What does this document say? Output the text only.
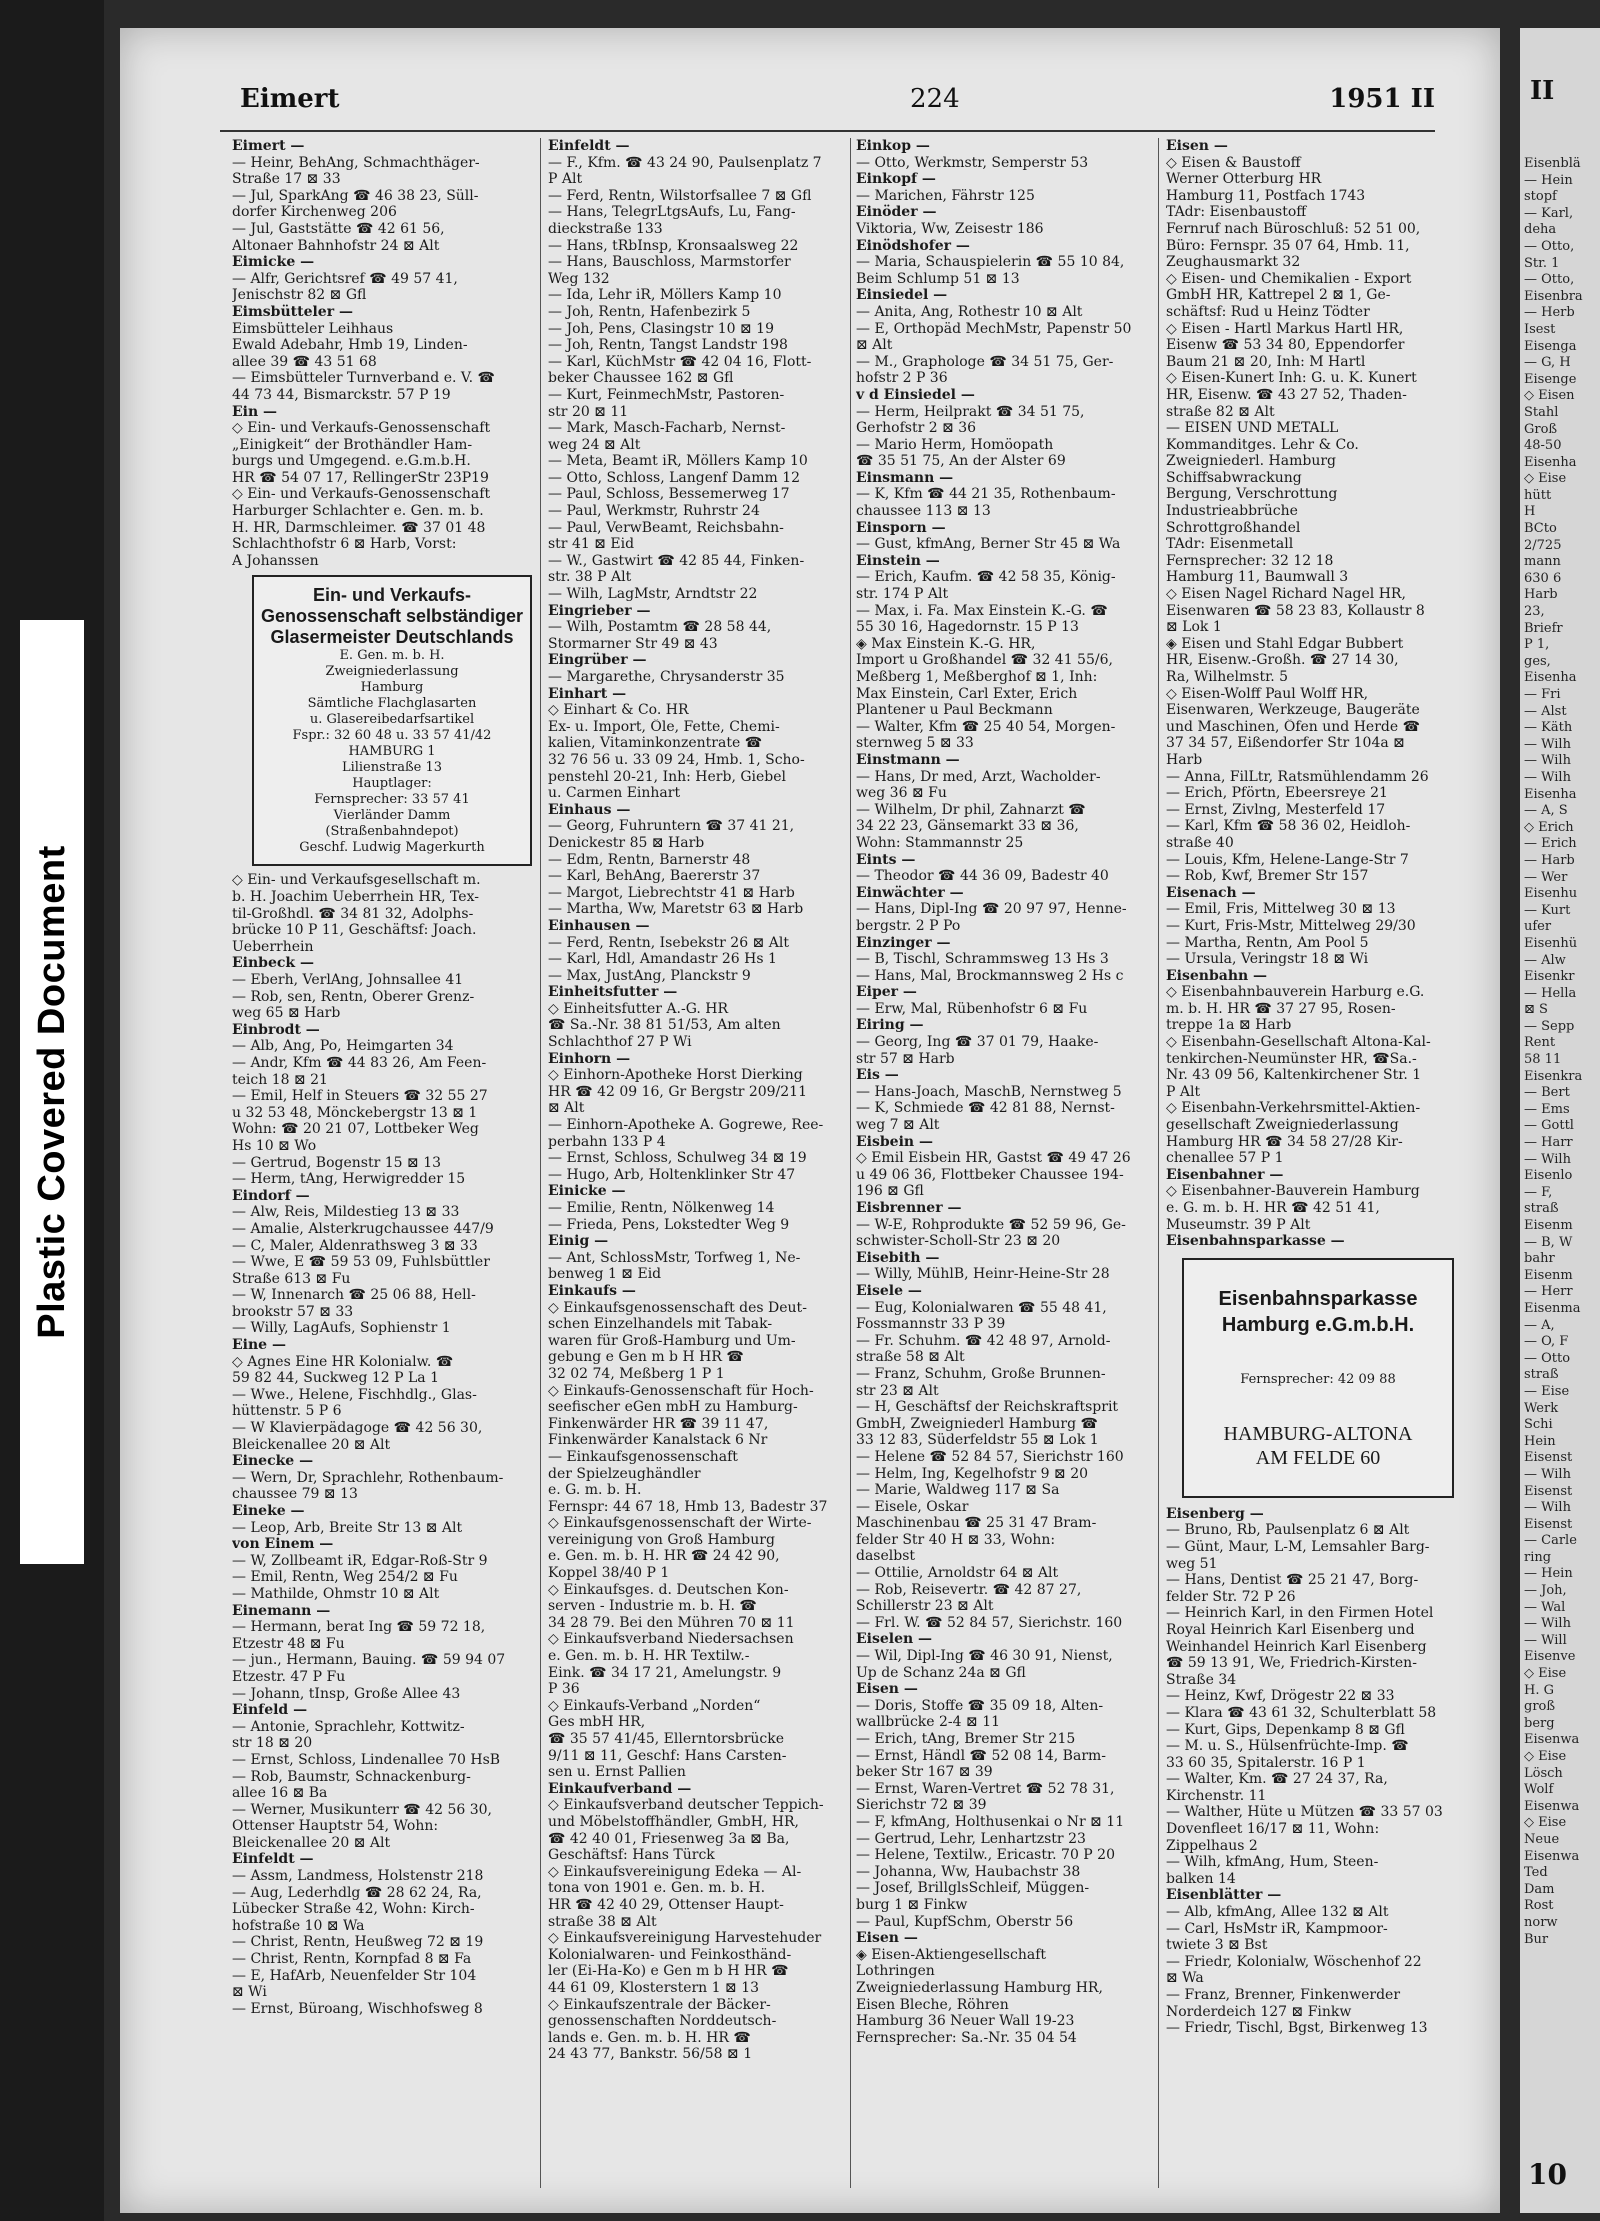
Plastic Covered Document
Eimert	224	1951 II
Eimert —
— Heinr, BehAng, Schmachthäger-
Straße 17 ⊠ 33
— Jul, SparkAng ☎ 46 38 23, Süll-
dorfer Kirchenweg 206
— Jul, Gaststätte ☎ 42 61 56,
Altonaer Bahnhofstr 24 ⊠ Alt
Eimicke —
— Alfr, Gerichtsref ☎ 49 57 41,
Jenischstr 82 ⊠ Gfl
Eimsbütteler —
Eimsbütteler Leihhaus
Ewald Adebahr, Hmb 19, Linden-
allee 39 ☎ 43 51 68
— Eimsbütteler Turnverband e. V. ☎
44 73 44, Bismarckstr. 57 P 19
Ein —
◇ Ein- und Verkaufs-Genossenschaft
„Einigkeit“ der Brothändler Ham-
burgs und Umgegend. e.G.m.b.H.
HR ☎ 54 07 17, RellingerStr 23P19
◇ Ein- und Verkaufs-Genossenschaft
Harburger Schlachter e. Gen. m. b.
H. HR, Darmschleimer. ☎ 37 01 48
Schlachthofstr 6 ⊠ Harb, Vorst:
A Johanssen
Ein- und Verkaufs-Genossenschaft selbständiger Glasermeister Deutschlands
E. Gen. m. b. H.
Zweigniederlassung
Hamburg
Sämtliche Flachglasarten
u. Glasereibedarfsartikel
Fspr.: 32 60 48 u. 33 57 41/42
HAMBURG 1
Lilienstraße 13
Hauptlager:
Fernsprecher: 33 57 41
Vierländer Damm
(Straßenbahndepot)
Geschf. Ludwig Magerkurth
◇ Ein- und Verkaufsgesellschaft m.
b. H. Joachim Ueberrhein HR, Tex-
til-Großhdl. ☎ 34 81 32, Adolphs-
brücke 10 P 11, Geschäftsf: Joach.
Ueberrhein
Einbeck —
— Eberh, VerlAng, Johnsallee 41
— Rob, sen, Rentn, Oberer Grenz-
weg 65 ⊠ Harb
Einbrodt —
— Alb, Ang, Po, Heimgarten 34
— Andr, Kfm ☎ 44 83 26, Am Feen-
teich 18 ⊠ 21
— Emil, Helf in Steuers ☎ 32 55 27
u 32 53 48, Mönckebergstr 13 ⊠ 1
Wohn: ☎ 20 21 07, Lottbeker Weg
Hs 10 ⊠ Wo
— Gertrud, Bogenstr 15 ⊠ 13
— Herm, tAng, Herwigredder 15
Eindorf —
— Alw, Reis, Mildestieg 13 ⊠ 33
— Amalie, Alsterkrugchaussee 447/9
— C, Maler, Aldenrathsweg 3 ⊠ 33
— Wwe, E ☎ 59 53 09, Fuhlsbüttler
Straße 613 ⊠ Fu
— W, Innenarch ☎ 25 06 88, Hell-
brookstr 57 ⊠ 33
— Willy, LagAufs, Sophienstr 1
Eine —
◇ Agnes Eine HR Kolonialw. ☎
59 82 44, Suckweg 12 P La 1
— Wwe., Helene, Fischhdlg., Glas-
hüttenstr. 5 P 6
— W Klavierpädagoge ☎ 42 56 30,
Bleickenallee 20 ⊠ Alt
Einecke —
— Wern, Dr, Sprachlehr, Rothenbaum-
chaussee 79 ⊠ 13
Eineke —
— Leop, Arb, Breite Str 13 ⊠ Alt
von Einem —
— W, Zollbeamt iR, Edgar-Roß-Str 9
— Emil, Rentn, Weg 254/2 ⊠ Fu
— Mathilde, Ohmstr 10 ⊠ Alt
Einemann —
— Hermann, berat Ing ☎ 59 72 18,
Etzestr 48 ⊠ Fu
— jun., Hermann, Bauing. ☎ 59 94 07
Etzestr. 47 P Fu
— Johann, tInsp, Große Allee 43
Einfeld —
— Antonie, Sprachlehr, Kottwitz-
str 18 ⊠ 20
— Ernst, Schloss, Lindenallee 70 HsB
— Rob, Baumstr, Schnackenburg-
allee 16 ⊠ Ba
— Werner, Musikunterr ☎ 42 56 30,
Ottenser Hauptstr 54, Wohn:
Bleickenallee 20 ⊠ Alt
Einfeldt —
— Assm, Landmess, Holstenstr 218
— Aug, Lederhdlg ☎ 28 62 24, Ra,
Lübecker Straße 42, Wohn: Kirch-
hofstraße 10 ⊠ Wa
— Christ, Rentn, Heußweg 72 ⊠ 19
— Christ, Rentn, Kornpfad 8 ⊠ Fa
— E, HafArb, Neuenfelder Str 104
⊠ Wi
— Ernst, Büroang, Wischhofsweg 8
Einfeldt —
— F., Kfm. ☎ 43 24 90, Paulsenplatz 7
P Alt
— Ferd, Rentn, Wilstorfsallee 7 ⊠ Gfl
— Hans, TelegrLtgsAufs, Lu, Fang-
dieckstraße 133
— Hans, tRbInsp, Kronsaalsweg 22
— Hans, Bauschloss, Marmstorfer
Weg 132
— Ida, Lehr iR, Möllers Kamp 10
— Joh, Rentn, Hafenbezirk 5
— Joh, Pens, Clasingstr 10 ⊠ 19
— Joh, Rentn, Tangst Landstr 198
— Karl, KüchMstr ☎ 42 04 16, Flott-
beker Chaussee 162 ⊠ Gfl
— Kurt, FeinmechMstr, Pastoren-
str 20 ⊠ 11
— Mark, Masch-Facharb, Nernst-
weg 24 ⊠ Alt
— Meta, Beamt iR, Möllers Kamp 10
— Otto, Schloss, Langenf Damm 12
— Paul, Schloss, Bessemerweg 17
— Paul, Werkmstr, Ruhrstr 24
— Paul, VerwBeamt, Reichsbahn-
str 41 ⊠ Eid
— W., Gastwirt ☎ 42 85 44, Finken-
str. 38 P Alt
— Wilh, LagMstr, Arndtstr 22
Eingrieber —
— Wilh, Postamtm ☎ 28 58 44,
Stormarner Str 49 ⊠ 43
Eingrüber —
— Margarethe, Chrysanderstr 35
Einhart —
◇ Einhart & Co. HR
Ex- u. Import, Öle, Fette, Chemi-
kalien, Vitaminkonzentrate ☎
32 76 56 u. 33 09 24, Hmb. 1, Scho-
penstehl 20-21, Inh: Herb, Giebel
u. Carmen Einhart
Einhaus —
— Georg, Fuhruntern ☎ 37 41 21,
Denickestr 85 ⊠ Harb
— Edm, Rentn, Barnerstr 48
— Karl, BehAng, Baererstr 37
— Margot, Liebrechtstr 41 ⊠ Harb
— Martha, Ww, Maretstr 63 ⊠ Harb
Einhausen —
— Ferd, Rentn, Isebekstr 26 ⊠ Alt
— Karl, Hdl, Amandastr 26 Hs 1
— Max, JustAng, Planckstr 9
Einheitsfutter —
◇ Einheitsfutter A.-G. HR
☎ Sa.-Nr. 38 81 51/53, Am alten
Schlachthof 27 P Wi
Einhorn —
◇ Einhorn-Apotheke Horst Dierking
HR ☎ 42 09 16, Gr Bergstr 209/211
⊠ Alt
— Einhorn-Apotheke A. Gogrewe, Ree-
perbahn 133 P 4
— Ernst, Schloss, Schulweg 34 ⊠ 19
— Hugo, Arb, Holtenklinker Str 47
Einicke —
— Emilie, Rentn, Nölkenweg 14
— Frieda, Pens, Lokstedter Weg 9
Einig —
— Ant, SchlossMstr, Torfweg 1, Ne-
benweg 1 ⊠ Eid
Einkaufs —
◇ Einkaufsgenossenschaft des Deut-
schen Einzelhandels mit Tabak-
waren für Groß-Hamburg und Um-
gebung e Gen m b H HR ☎
32 02 74, Meßberg 1 P 1
◇ Einkaufs-Genossenschaft für Hoch-
seefischer eGen mbH zu Hamburg-
Finkenwärder HR ☎ 39 11 47,
Finkenwärder Kanalstack 6 Nr
— Einkaufsgenossenschaft
der Spielzeughändler
e. G. m. b. H.
Fernspr: 44 67 18, Hmb 13, Badestr 37
◇ Einkaufsgenossenschaft der Wirte-
vereinigung von Groß Hamburg
e. Gen. m. b. H. HR ☎ 24 42 90,
Koppel 38/40 P 1
◇ Einkaufsges. d. Deutschen Kon-
serven - Industrie m. b. H. ☎
34 28 79. Bei den Mühren 70 ⊠ 11
◇ Einkaufsverband Niedersachsen
e. Gen. m. b. H. HR Textilw.-
Eink. ☎ 34 17 21, Amelungstr. 9
P 36
◇ Einkaufs-Verband „Norden“
Ges mbH HR,
☎ 35 57 41/45, Ellerntorsbrücke
9/11 ⊠ 11, Geschf: Hans Carsten-
sen u. Ernst Pallien
Einkaufverband —
◇ Einkaufsverband deutscher Teppich-
und Möbelstoffhändler, GmbH, HR,
☎ 42 40 01, Friesenweg 3a ⊠ Ba,
Geschäftsf: Hans Türck
◇ Einkaufsvereinigung Edeka — Al-
tona von 1901 e. Gen. m. b. H.
HR ☎ 42 40 29, Ottenser Haupt-
straße 38 ⊠ Alt
◇ Einkaufsvereinigung Harvestehuder
Kolonialwaren- und Feinkosthänd-
ler (Ei-Ha-Ko) e Gen m b H HR ☎
44 61 09, Klosterstern 1 ⊠ 13
◇ Einkaufszentrale der Bäcker-
genossenschaften Norddeutsch-
lands e. Gen. m. b. H. HR ☎
24 43 77, Bankstr. 56/58 ⊠ 1
Einkop —
— Otto, Werkmstr, Semperstr 53
Einkopf —
— Marichen, Fährstr 125
Einöder —
Viktoria, Ww, Zeisestr 186
Einödshofer —
— Maria, Schauspielerin ☎ 55 10 84,
Beim Schlump 51 ⊠ 13
Einsiedel —
— Anita, Ang, Rothestr 10 ⊠ Alt
— E, Orthopäd MechMstr, Papenstr 50
⊠ Alt
— M., Graphologe ☎ 34 51 75, Ger-
hofstr 2 P 36
v d Einsiedel —
— Herm, Heilprakt ☎ 34 51 75,
Gerhofstr 2 ⊠ 36
— Mario Herm, Homöopath
☎ 35 51 75, An der Alster 69
Einsmann —
— K, Kfm ☎ 44 21 35, Rothenbaum-
chaussee 113 ⊠ 13
Einsporn —
— Gust, kfmAng, Berner Str 45 ⊠ Wa
Einstein —
— Erich, Kaufm. ☎ 42 58 35, König-
str. 174 P Alt
— Max, i. Fa. Max Einstein K.-G. ☎
55 30 16, Hagedornstr. 15 P 13
◈ Max Einstein K.-G. HR,
Import u Großhandel ☎ 32 41 55/6,
Meßberg 1, Meßberghof ⊠ 1, Inh:
Max Einstein, Carl Exter, Erich
Plantener u Paul Beckmann
— Walter, Kfm ☎ 25 40 54, Morgen-
sternweg 5 ⊠ 33
Einstmann —
— Hans, Dr med, Arzt, Wacholder-
weg 36 ⊠ Fu
— Wilhelm, Dr phil, Zahnarzt ☎
34 22 23, Gänsemarkt 33 ⊠ 36,
Wohn: Stammannstr 25
Eints —
— Theodor ☎ 44 36 09, Badestr 40
Einwächter —
— Hans, Dipl-Ing ☎ 20 97 97, Henne-
bergstr. 2 P Po
Einzinger —
— B, Tischl, Schrammsweg 13 Hs 3
— Hans, Mal, Brockmannsweg 2 Hs c
Eiper —
— Erw, Mal, Rübenhofstr 6 ⊠ Fu
Eiring —
— Georg, Ing ☎ 37 01 79, Haake-
str 57 ⊠ Harb
Eis —
— Hans-Joach, MaschB, Nernstweg 5
— K, Schmiede ☎ 42 81 88, Nernst-
weg 7 ⊠ Alt
Eisbein —
◇ Emil Eisbein HR, Gastst ☎ 49 47 26
u 49 06 36, Flottbeker Chaussee 194-
196 ⊠ Gfl
Eisbrenner —
— W-E, Rohprodukte ☎ 52 59 96, Ge-
schwister-Scholl-Str 23 ⊠ 20
Eisebith —
— Willy, MühlB, Heinr-Heine-Str 28
Eisele —
— Eug, Kolonialwaren ☎ 55 48 41,
Fossmannstr 33 P 39
— Fr. Schuhm. ☎ 42 48 97, Arnold-
straße 58 ⊠ Alt
— Franz, Schuhm, Große Brunnen-
str 23 ⊠ Alt
— H, Geschäftsf der Reichskraftsprit
GmbH, Zweigniederl Hamburg ☎
33 12 83, Süderfeldstr 55 ⊠ Lok 1
— Helene ☎ 52 84 57, Sierichstr 160
— Helm, Ing, Kegelhofstr 9 ⊠ 20
— Marie, Waldweg 117 ⊠ Sa
— Eisele, Oskar
Maschinenbau ☎ 25 31 47 Bram-
felder Str 40 H ⊠ 33, Wohn:
daselbst
— Ottilie, Arnoldstr 64 ⊠ Alt
— Rob, Reisevertr. ☎ 42 87 27,
Schillerstr 23 ⊠ Alt
— Frl. W. ☎ 52 84 57, Sierichstr. 160
Eiselen —
— Wil, Dipl-Ing ☎ 46 30 91, Nienst,
Up de Schanz 24a ⊠ Gfl
Eisen —
— Doris, Stoffe ☎ 35 09 18, Alten-
wallbrücke 2-4 ⊠ 11
— Erich, tAng, Bremer Str 215
— Ernst, Händl ☎ 52 08 14, Barm-
beker Str 167 ⊠ 39
— Ernst, Waren-Vertret ☎ 52 78 31,
Sierichstr 72 ⊠ 39
— F, kfmAng, Holthusenkai o Nr ⊠ 11
— Gertrud, Lehr, Lenhartzstr 23
— Helene, Textilw., Ericastr. 70 P 20
— Johanna, Ww, Haubachstr 38
— Josef, BrillglsSchleif, Müggen-
burg 1 ⊠ Finkw
— Paul, KupfSchm, Oberstr 56
Eisen —
◈ Eisen-Aktiengesellschaft
Lothringen
Zweigniederlassung Hamburg HR,
Eisen Bleche, Röhren
Hamburg 36 Neuer Wall 19-23
Fernsprecher: Sa.-Nr. 35 04 54
Eisen —
◇ Eisen & Baustoff
Werner Otterburg HR
Hamburg 11, Postfach 1743
TAdr: Eisenbaustoff
Fernruf nach Büroschluß: 52 51 00,
Büro: Fernspr. 35 07 64, Hmb. 11,
Zeughausmarkt 32
◇ Eisen- und Chemikalien - Export
GmbH HR, Kattrepel 2 ⊠ 1, Ge-
schäftsf: Rud u Heinz Tödter
◇ Eisen - Hartl Markus Hartl HR,
Eisenw ☎ 53 34 80, Eppendorfer
Baum 21 ⊠ 20, Inh: M Hartl
◇ Eisen-Kunert Inh: G. u. K. Kunert
HR, Eisenw. ☎ 43 27 52, Thaden-
straße 82 ⊠ Alt
— EISEN UND METALL
Kommanditges. Lehr & Co.
Zweigniederl. Hamburg
Schiffsabwrackung
Bergung, Verschrottung
Industrieabbrüche
Schrottgroßhandel
TAdr: Eisenmetall
Fernsprecher: 32 12 18
Hamburg 11, Baumwall 3
◇ Eisen Nagel Richard Nagel HR,
Eisenwaren ☎ 58 23 83, Kollaustr 8
⊠ Lok 1
◈ Eisen und Stahl Edgar Bubbert
HR, Eisenw.-Großh. ☎ 27 14 30,
Ra, Wilhelmstr. 5
◇ Eisen-Wolff Paul Wolff HR,
Eisenwaren, Werkzeuge, Baugeräte
und Maschinen, Öfen und Herde ☎
37 34 57, Eißendorfer Str 104a ⊠
Harb
— Anna, FilLtr, Ratsmühlendamm 26
— Erich, Pförtn, Ebeersreye 21
— Ernst, Zivlng, Mesterfeld 17
— Karl, Kfm ☎ 58 36 02, Heidloh-
straße 40
— Louis, Kfm, Helene-Lange-Str 7
— Rob, Kwf, Bremer Str 157
Eisenach —
— Emil, Fris, Mittelweg 30 ⊠ 13
— Kurt, Fris-Mstr, Mittelweg 29/30
— Martha, Rentn, Am Pool 5
— Ursula, Veringstr 18 ⊠ Wi
Eisenbahn —
◇ Eisenbahnbauverein Harburg e.G.
m. b. H. HR ☎ 37 27 95, Rosen-
treppe 1a ⊠ Harb
◇ Eisenbahn-Gesellschaft Altona-Kal-
tenkirchen-Neumünster HR, ☎Sa.-
Nr. 43 09 56, Kaltenkirchener Str. 1
P Alt
◇ Eisenbahn-Verkehrsmittel-Aktien-
gesellschaft Zweigniederlassung
Hamburg HR ☎ 34 58 27/28 Kir-
chenallee 57 P 1
Eisenbahner —
◇ Eisenbahner-Bauverein Hamburg
e. G. m. b. H. HR ☎ 42 51 41,
Museumstr. 39 P Alt
Eisenbahnsparkasse —
Eisenbahnsparkasse Hamburg e.G.m.b.H.
Fernsprecher: 42 09 88
HAMBURG-ALTONA
AM FELDE 60
Eisenberg —
— Bruno, Rb, Paulsenplatz 6 ⊠ Alt
— Günt, Maur, L-M, Lemsahler Barg-
weg 51
— Hans, Dentist ☎ 25 21 47, Borg-
felder Str. 72 P 26
— Heinrich Karl, in den Firmen Hotel
Royal Heinrich Karl Eisenberg und
Weinhandel Heinrich Karl Eisenberg
☎ 59 13 91, We, Friedrich-Kirsten-
Straße 34
— Heinz, Kwf, Drögestr 22 ⊠ 33
— Klara ☎ 43 61 32, Schulterblatt 58
— Kurt, Gips, Depenkamp 8 ⊠ Gfl
— M. u. S., Hülsenfrüchte-Imp. ☎
33 60 35, Spitalerstr. 16 P 1
— Walter, Km. ☎ 27 24 37, Ra,
Kirchenstr. 11
— Walther, Hüte u Mützen ☎ 33 57 03
Dovenfleet 16/17 ⊠ 11, Wohn:
Zippelhaus 2
— Wilh, kfmAng, Hum, Steen-
balken 14
Eisenblätter —
— Alb, kfmAng, Allee 132 ⊠ Alt
— Carl, HsMstr iR, Kampmoor-
twiete 3 ⊠ Bst
— Friedr, Kolonialw, Wöschenhof 22
⊠ Wa
— Franz, Brenner, Finkenwerder
Norderdeich 127 ⊠ Finkw
— Friedr, Tischl, Bgst, Birkenweg 13
II
Eisenblä
— Hein
stopf
— Karl,
deha
— Otto,
Str. 1
— Otto,
Eisenbra
— Herb
Isest
Eisenga
— G, H
Eisenge
◇ Eisen
Stahl
Groß
48-50
Eisenha
◇ Eise
hütt
H
BCto
2/725
mann
630 6
Harb
23,
Briefr
P 1,
ges,
Eisenha
— Fri
— Alst
— Käth
— Wilh
— Wilh
— Wilh
Eisenha
— A, S
◇ Erich
— Erich
— Harb
— Wer
Eisenhu
— Kurt
ufer
Eisenhü
— Alw
Eisenkr
— Hella
⊠ S
— Sepp
Rent
58 11
Eisenkra
— Bert
— Ems
— Gottl
— Harr
— Wilh
Eisenlo
— F,
straß
Eisenm
— B, W
bahr
Eisenm
— Herr
Eisenma
— A,
— O, F
— Otto
straß
— Eise
Werk
Schi
Hein
Eisenst
— Wilh
Eisenst
— Wilh
Eisenst
— Carle
ring
— Hein
— Joh,
— Wal
— Wilh
— Will
Eisenve
◇ Eise
H. G
groß
berg
Eisenwa
◇ Eise
Lösch
Wolf
Eisenwa
◇ Eise
Neue
Eisenwa
Ted
Dam
Rost
norw
Bur
10
